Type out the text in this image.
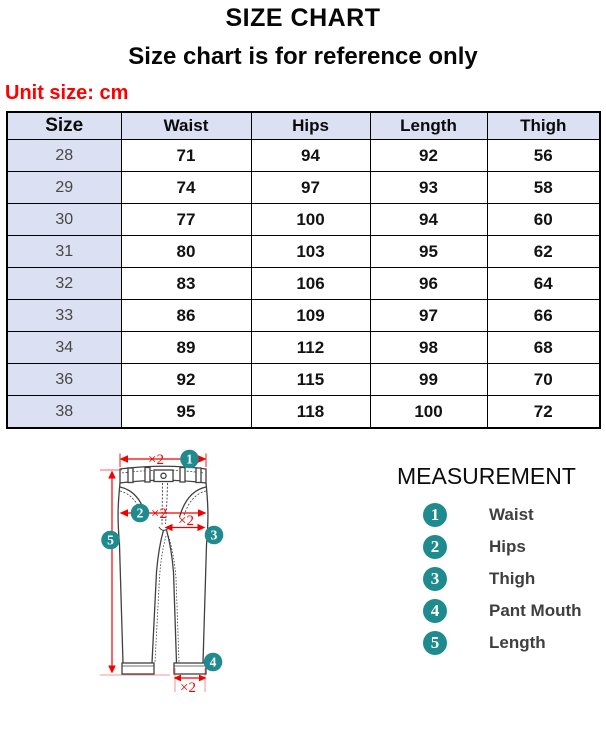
SIZE CHART
Size chart is for reference only
Unit size: cm
Size	Waist	Hips	Length	Thigh
28	71	94	92	56
29	74	97	93	58
30	77	100	94	60
31	80	103	95	62
32	83	106	96	64
33	86	109	97	66
34	89	112	98	68
36	92	115	99	70
38	95	118	100	72
×2
×2 ×2
×2
1
2
3
4
5
MEASUREMENT
1	Waist
2	Hips
3	Thigh
4	Pant Mouth
5	Length
